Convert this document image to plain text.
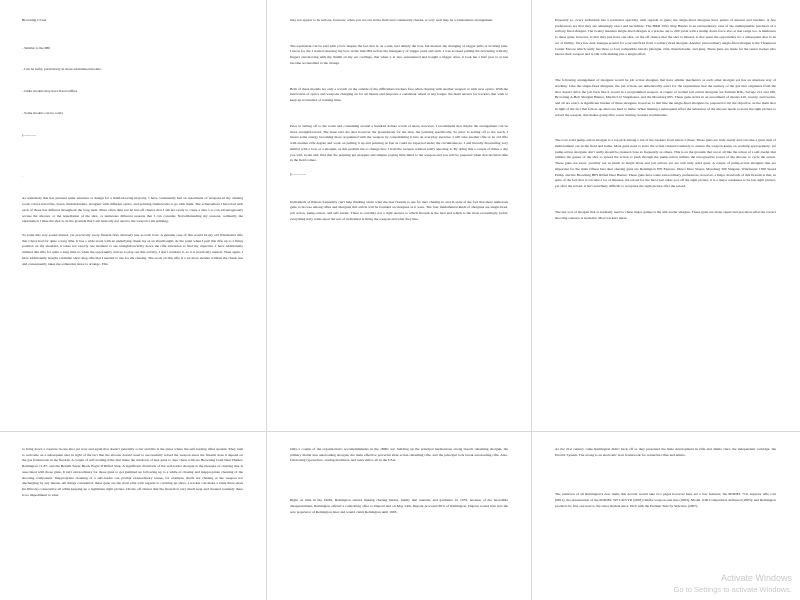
Browning CCnet

- Similar to the 686

- Can be hefty, particularly in more established models.

- Older models may have fixed stiffies

- Some models can be costly

)-----------
.

As somebody that has pursued same structure or design for a mind-blowing majority, I have consistently had an assortment of weapons in my chasing room. I have had rifles, bores, muzzleloaders, shotguns with different optics, and pointing frameworks to go with them. The achievement I have had with each of those has differed throughout the long term. More often than not an inn-off chance that I am not ready to cause a shot I to can advantageously accuse the shooter, or the repudiation of the shot, or numerous different reasons that I can consider. Notwithstanding my reasons, ordinarily the explanation I miss the shot is on the grounds that I am basically not used to the weapon I am utilizing.

To some this way sound absurd, yet practically every firearm fires diversely just as each bore. A genuine case of this would be my old Winchester rifle that I have had for quite a long time. It has a wide stock with an underlying cheek lay as an afterthought. At the point when I pull this rifle up to a firing position on my shoulder, it takes not exactly one moment to see straightforwardly down the rifle extension to find my objective. I have additionally utilized this rifle for quite a long time so when the opportunity arrives to play out this activity, I don't consider it, as it is practically natural. Then again, I have additionally bought a Kimber short mag rifle that I needed to use for elk chasing. The stock on this rifle is a lot more slender without the cheek rest and consequently takes me somewhat more to arrange. This

may not appear to be serious, however, when you are out in the field and consistently checks, is very well may be a tremendous arrangement.

The equivalent can be said with a bow despite the fact that is, as a rule, isn't simply the bow, but instead, the changing of trigger pulls or locating pins. I know for me I started shooting my bow in the mid-'80s before the insurgency of trigger pulls and such. I was accused pulling the bowstring with my fingers and moving with my thumb on my ear cartilage, that when I, at last, surrendered and bought a trigger draw, it took me a half year to at last become accustomed to the change.

Both of these models are only a scratch on the outside of the difficulties trackers face when chasing with another weapon or with new optics. With the innovation of optics and weapons changing an for all intents and purposes a consistent wheel at any longer, the main answer for trackers that wish to keep up is bunches of training time.

Prior to setting off to the roads and consuming around a hundred dollars worth of shots, however, I recommend that maybe the arrangement can be more straightforward. The issue isn't the shot however the groundwork for the shot, the pointing specifically. So prior to setting off to the reach, I invest some energy becoming more acquainted with the weapon by consolidating it into an everyday exercise. I will take another rifle or an old rifle with another rifle degree and work on pulling it up and pointing as fast as could be expected under the circumstances. I add literally discernling very similar with a bow or a shotgun, as this permits me to change how I hold the weapon without really shooting it. By doing this a couple of times a day you will, in the end, find that the pointing get snappier and simpler paying little mind to the weapon and you will be prepared when that decision time in the field comes.

(|------------

Individuals of Illinois frequently can't help thinking about what the best firearm to use for deer chasing is, and in spite of the fact that there numerous guns to browse among rifles and shotguns this article will be founded on shotguns as it were. The four fundamental kinds of shotguns are single-fired, jolt action, pump-action, and self-loader. There is certainly not a right answer to which firearm is the best and which is the most exceedingly awful; everything truly relies upon the sort of individual is firing the weapon and what they like.

Presently so, every individual has a particular specialty with regards to guns; the single-fired shotguns have points of interest and burdens. A few preferences are that they are amazingly exact and incredible. The H&R Ultra Slug Hunter is an extraordinary case of the unimaginable precision of a solitary fired shotgun. The twenty measure single-fired shotgun is a precise out to 200 yards with a thump down force also at that range too. A hindrance to these guns, however, is that they just have one shot, on the off chance that the shot is missed, at that point the opportunity for a subsequent shot is an act of futility. Very few deer lounges around for a second fired from a solitary fired shotgun. Another extraordinary single-fired shotgun is the Thompson Center Encore which really has three or four compatible barrels (shotgun, rifle, muzzleloader, and gun). These guns are made for the surest tracker who knows their weapon and is OK with making just a single effort.

The following arrangement of shotguns would be jolt action shotguns that have similar mechanics as each other shotgun yet has an alternate way of stacking. Like the single-fired shotguns, the jolt actions are unbelievably exact for the explanation that the entirety of the gas that originates from the shot doesn't drive the jolt back like it would in a programmed weapon. A couple of normal jolt-action shotguns are Tarhunt R3G, Savage 212 and 220, Browning A-Bolt Shotgun Hunter, Marlin 512 Slugmaster, and the Mossberg 695. These guns arrive in an assortment of checks 410, twenty, and twelve, and all are exact. A significant burden of these shotguns, however, is that like the single-fired shotguns be prepared to hit the objective on the main shot in light of the fact that follow-up shots are hard to make. When making a subsequent effort the substance of the shooter needs to leave the sight picture to reload the weapon, this makes going after a new turning creature troublesome.

The over solid pump-action shotgun is a top pick among a ton of the trackers from where I chase. These guns are truly sturdy and can take a great deal of maltreatment out in the field and home. Most guns need to have the action cleaned routinely to ensure the weapon keeps on working appropriately, yet pump-action shotguns don't really should be cleaned close as frequently as others. This is on the grounds that not at all like the action of a self-loader that utilizes the gasses of the shot to spread the action to push through the pump-action utilizes the retrogressive power of the shooter to cycle the action. These guns are exact, possibly not as much as single shots and jolt actions yet are still truly solid guns. A couple of pump-action shotguns that are important for the main fifteen best deer chasing guns are Remington 870 Express, Ithaca Deer Slayer, Mossberg 500 Slugster, Winchester 1300 Speed Pump, and the Browning BPS Rifled Deer Hunter. These guns have some extraordinary preferences, however, a major drawback of this firearm is that, in spite of the fact that it can take a lot of misuses, the reload for the most part takes you off the sight picture, it is a major weakness to be lost sight picture, yet after the reload, it isn't extremely difficult to recapture the sight picture after the reload.

The last sort of shotgun that is normally used to chase major games is the self-loader shotgun. These guns are about speed and precision what the correct shooting cadence is included. Most trackers mean

to bring down a creature in one shot yet now and again that doesn't generally occur and this is the place where the self-loading rifles sparkle. They rush to welcome on a subsequent shot in light of the fact that the shooter doesn't need to successfully reload the weapon since the firearm does it depend on the gas framework in the firearm. A couple of self-loading rifles that make the rundown of best guns to deer chase with are Browning Gold Deer Hunter, Remington 11-87, and the Benelli Super Black Eagle II Rifled Slug. A significant drawback of the self-loader shotgun is the measure of clearing that is associated with those guns. It isn't extraordinary for those guns to get gummed up following up to a while of chasing and inappropriate cleaning of the shooting component. Inappropriate cleaning of a self-loader can prompt extraordinary issues, for example, shells not chasing or the weapon not discharging by any means. All things considered, these guns are the most elite with regards to catching up shots, a tracker can make a brisk three shots (in Illinois) consecutive all while keeping up a legitimate sight picture. On the off chance that the firearm is very much kept and cleaned routinely there is no impediment to what

Only a couple of the organization's accomplishments in the 1800s are: building up the principal harmonious strong breech rehashing shotgun, the primary mallet less autoloading shotgun, the main effective powerful slide action rehashing rifle, and the principal lock break autoloading rifle. Also, fabricating typewriters, sewing machines, and sales enlist, all in the USA.

Right on time in the 1900s, Remington started making chasing blades, family unit utensils, and garments. In 1933, because of the incredible disappointment, Remington offered a controlling offer to Dupont and on May 24th, Dupont procured 60% of Remington. Dupont would turn into the sole proprietor of Remington later and would claim Remington until 1993.

As the 21st century came Remington didn't back off as they presented the male development in rifle and ammo since the independent cartridge, the EtronX System. The strong is an electronic start framework for centerfire rifles and ammo.

The rundown of all Remington's new items this decade would take two pages however here are a few features; the MODEL 710, superior rifle cost (0811), the presentation of the MODEL 597 LR/VTR (2003) rimfire weapon safe line (2003), Model 1100 Competition delivered (2005), and Remington products its first one next to the other models since 1910 with the Premier Side by Side line (2007).

Activate Windows
Go to Settings to activate Windows.
